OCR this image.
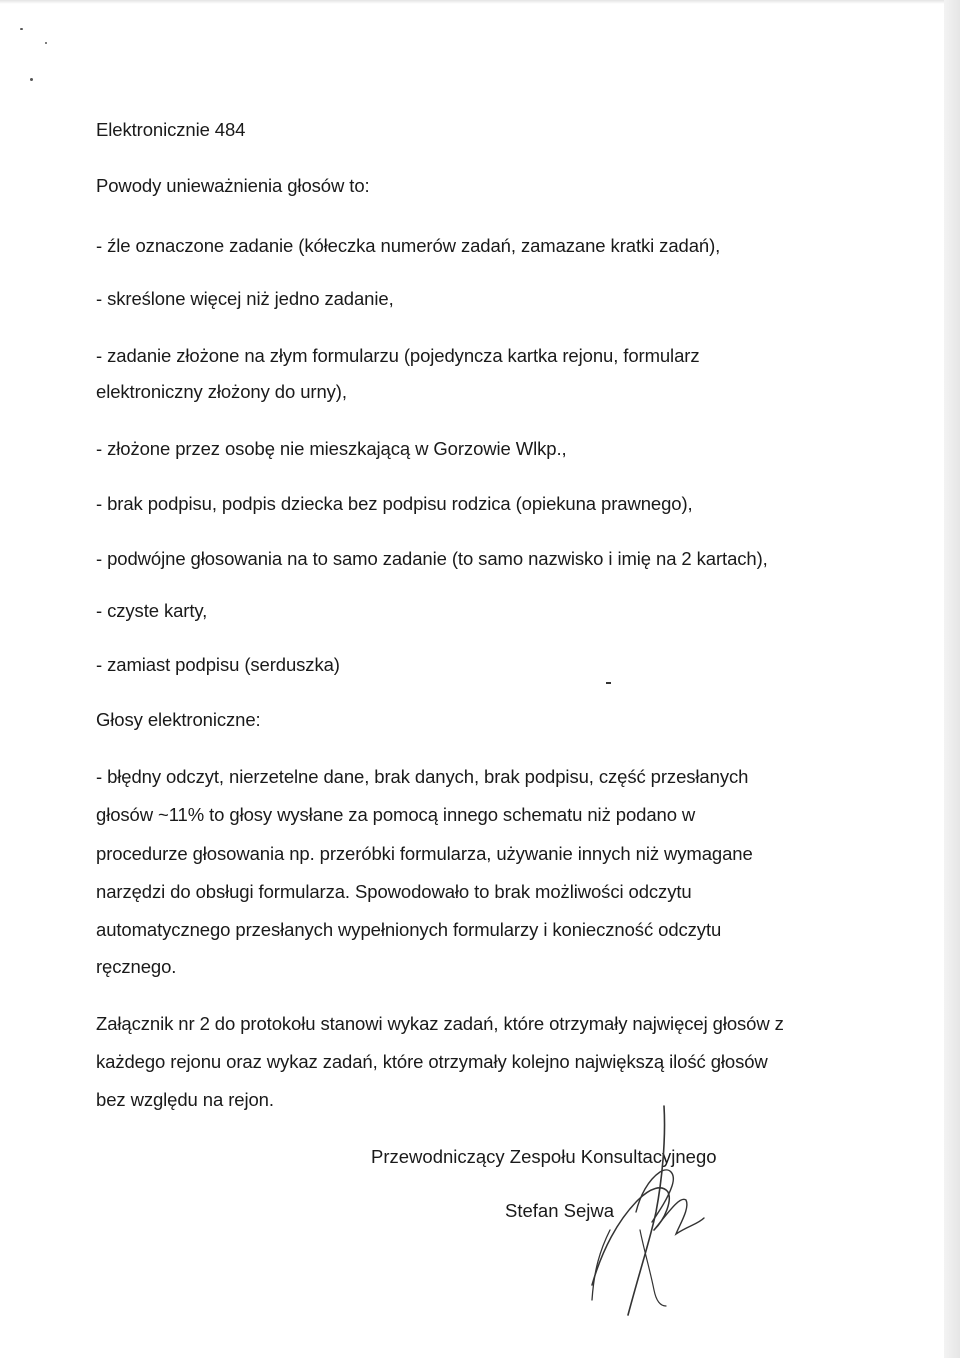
Elektronicznie 484
Powody unieważnienia głosów to:
- źle oznaczone zadanie (kółeczka numerów zadań, zamazane kratki zadań),
- skreślone więcej niż jedno zadanie,
- zadanie złożone na złym formularzu (pojedyncza kartka rejonu, formularz
elektroniczny złożony do urny),
- złożone przez osobę nie mieszkającą w Gorzowie Wlkp.,
- brak podpisu, podpis dziecka bez podpisu rodzica (opiekuna prawnego),
- podwójne głosowania na to samo zadanie (to samo nazwisko i imię na 2 kartach),
- czyste karty,
- zamiast podpisu (serduszka)
Głosy elektroniczne:
- błędny odczyt, nierzetelne dane, brak danych, brak podpisu, część przesłanych
głosów ~11% to głosy wysłane za pomocą innego schematu niż podano w
procedurze głosowania np. przeróbki formularza, używanie innych niż wymagane
narzędzi do obsługi formularza. Spowodowało to brak możliwości odczytu
automatycznego przesłanych wypełnionych formularzy i konieczność odczytu
ręcznego.
Załącznik nr 2 do protokołu stanowi wykaz zadań, które otrzymały najwięcej głosów z
każdego rejonu oraz wykaz zadań, które otrzymały kolejno największą ilość głosów
bez względu na rejon.
Przewodniczący Zespołu Konsultacyjnego
Stefan Sejwa
